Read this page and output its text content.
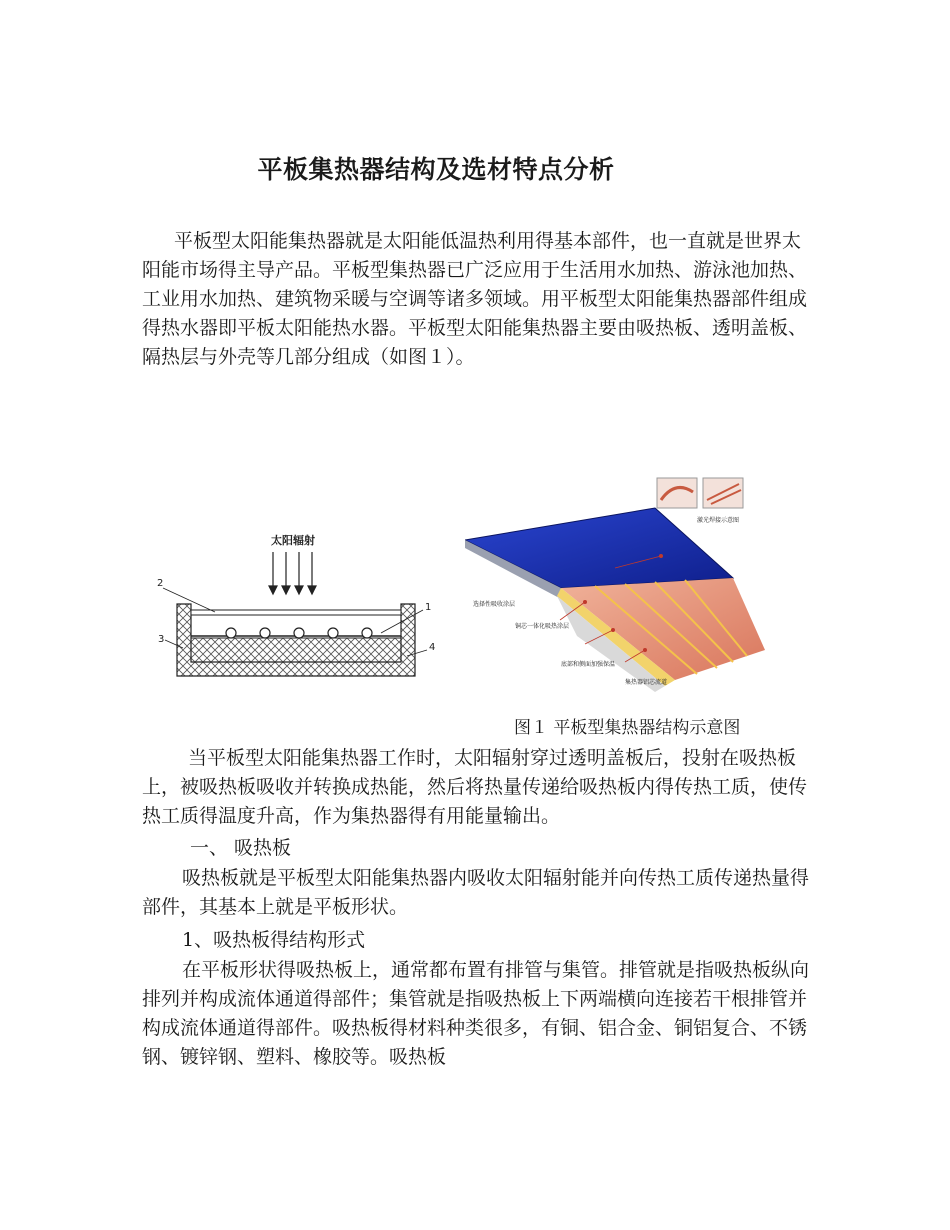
平板集热器结构及选材特点分析

平板型太阳能集热器就是太阳能低温热利用得基本部件，也一直就是世界太阳能市场得主导产品。平板型集热器已广泛应用于生活用水加热、游泳池加热、工业用水加热、建筑物采暖与空调等诸多领域。用平板型太阳能集热器部件组成得热水器即平板太阳能热水器。平板型太阳能集热器主要由吸热板、透明盖板、隔热层与外壳等几部分组成（如图１）。

太阳辐射
2
1
3
4
激光焊接示意图
选择性吸收涂层
铜芯一体化吸热涂层
底部和侧面加强保温
集热器铝芯流道
图１ 平板型集热器结构示意图

当平板型太阳能集热器工作时，太阳辐射穿过透明盖板后，投射在吸热板上，被吸热板吸收并转换成热能，然后将热量传递给吸热板内得传热工质，使传热工质得温度升高，作为集热器得有用能量输出。

一、 吸热板

吸热板就是平板型太阳能集热器内吸收太阳辐射能并向传热工质传递热量得部件，其基本上就是平板形状。

1、吸热板得结构形式

在平板形状得吸热板上，通常都布置有排管与集管。排管就是指吸热板纵向排列并构成流体通道得部件；集管就是指吸热板上下两端横向连接若干根排管并构成流体通道得部件。吸热板得材料种类很多，有铜、铝合金、铜铝复合、不锈钢、镀锌钢、塑料、橡胶等。吸热板
